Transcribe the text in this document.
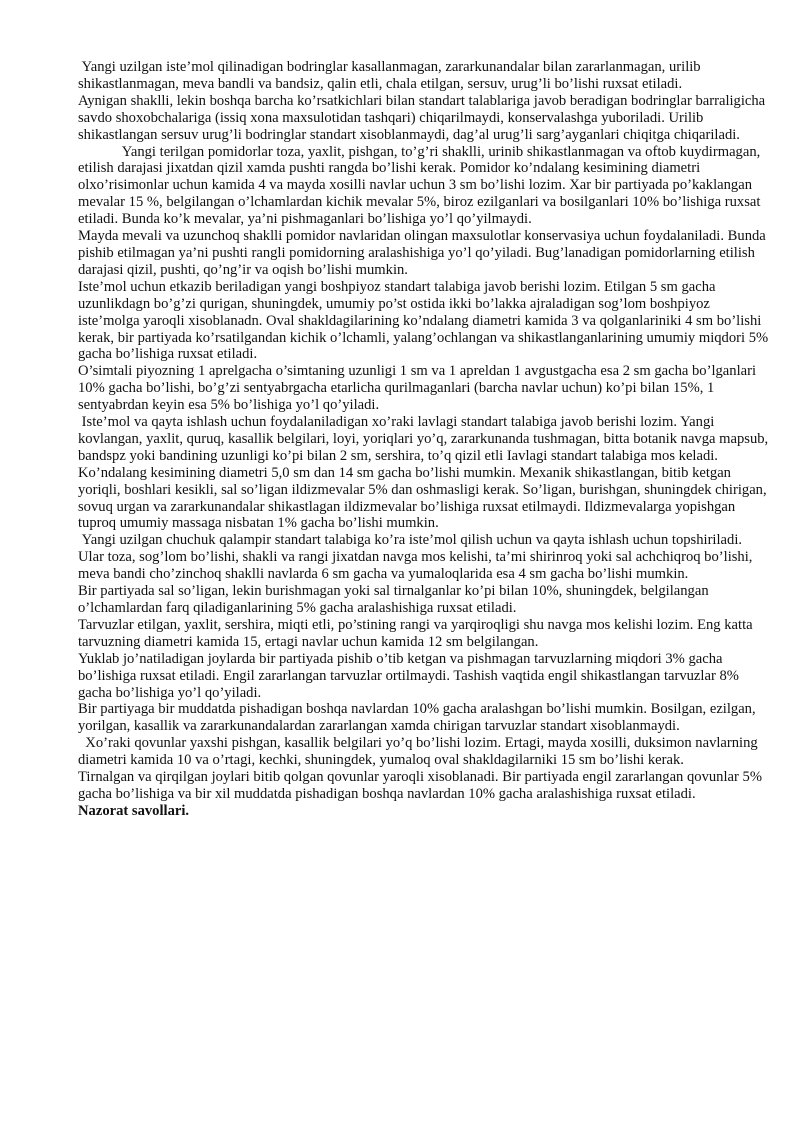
Yangi uzilgan iste’mol qilinadigan bodringlar kasallanmagan, zararkunandalar bilan zararlanmagan, urilib shikastlanmagan, meva bandli va bandsiz, qalin etli, chala etilgan, sersuv, urug’li bo’lishi ruxsat etiladi.

Aynigan shaklli, lekin boshqa barcha ko’rsatkichlari bilan standart talablariga javob beradigan bodringlar barraligicha savdo shoxobchalariga (issiq xona maxsulotidan tashqari) chiqarilmaydi, konservalashga yuboriladi. Urilib shikastlangan sersuv urug’li bodringlar standart xisoblanmaydi, dag’al urug’li sarg’ayganlari chiqitga chiqariladi.

Yangi terilgan pomidorlar toza, yaxlit, pishgan, to’g’ri shaklli, urinib shikastlanmagan va oftob kuydirmagan, etilish darajasi jixatdan qizil xamda pushti rangda bo’lishi kerak. Pomidor ko’ndalang kesimining diametri olxo’risimonlar uchun kamida 4 va mayda xosilli navlar uchun 3 sm bo’lishi lozim. Xar bir partiyada po’kaklangan mevalar 15 %, belgilangan o’lchamlardan kichik mevalar 5%, biroz ezilganlari va bosilganlari 10% bo’lishiga ruxsat etiladi. Bunda ko’k mevalar, ya’ni pishmaganlari bo’lishiga yo’l qo’yilmaydi.

Mayda mevali va uzunchoq shaklli pomidor navlaridan olingan maxsulotlar konservasiya uchun foydalaniladi. Bunda pishib etilmagan ya’ni pushti rangli pomidorning aralashishiga yo’l qo’yiladi. Bug’lanadigan pomidorlarning etilish darajasi qizil, pushti, qo’ng’ir va oqish bo’lishi mumkin.

Iste’mol uchun etkazib beriladigan yangi boshpiyoz standart talabiga javob berishi lozim. Etilgan 5 sm gacha uzunlikdagn bo’g’zi qurigan, shuningdek, umumiy po’st ostida ikki bo’lakka ajraladigan sog’lom boshpiyoz iste’molga yaroqli xisoblanadn. Oval shakldagilarining ko’ndalang diametri kamida 3 va qolganlariniki 4 sm bo’lishi kerak, bir partiyada ko’rsatilgandan kichik o’lchamli, yalang’ochlangan va shikastlanganlarining umumiy miqdori 5% gacha bo’lishiga ruxsat etiladi.

O’simtali piyozning 1 aprelgacha o’simtaning uzunligi 1 sm va 1 apreldan 1 avgustgacha esa 2 sm gacha bo’lganlari 10% gacha bo’lishi, bo’g’zi sentyabrgacha etarlicha qurilmaganlari (barcha navlar uchun) ko’pi bilan 15%, 1 sentyabrdan keyin esa 5% bo’lishiga yo’l qo’yiladi.

Iste’mol va qayta ishlash uchun foydalaniladigan xo’raki lavlagi standart talabiga javob berishi lozim. Yangi kovlangan, yaxlit, quruq, kasallik belgilari, loyi, yoriqlari yo’q, zararkunanda tushmagan, bitta botanik navga mapsub, bandspz yoki bandining uzunligi ko’pi bilan 2 sm, sershira, to’q qizil etli Iavlagi standart talabiga mos keladi.

Ko’ndalang kesimining diametri 5,0 sm dan 14 sm gacha bo’lishi mumkin. Mexanik shikastlangan, bitib ketgan yoriqli, boshlari kesikli, sal so’ligan ildizmevalar 5% dan oshmasligi kerak. So’ligan, burishgan, shuningdek chirigan, sovuq urgan va zararkunandalar shikastlagan ildizmevalar bo’lishiga ruxsat etilmaydi. Ildizmevalarga yopishgan tuproq umumiy massaga nisbatan 1% gacha bo’lishi mumkin.

Yangi uzilgan chuchuk qalampir standart talabiga ko’ra iste’mol qilish uchun va qayta ishlash uchun topshiriladi. Ular toza, sog’lom bo’lishi, shakli va rangi jixatdan navga mos kelishi, ta’mi shirinroq yoki sal achchiqroq bo’lishi, meva bandi cho’zinchoq shaklli navlarda 6 sm gacha va yumaloqlarida esa 4 sm gacha bo’lishi mumkin.

Bir partiyada sal so’ligan, lekin burishmagan yoki sal tirnalganlar ko’pi bilan 10%, shuningdek, belgilangan o’lchamlardan farq qiladiganlarining 5% gacha aralashishiga ruxsat etiladi.

Tarvuzlar etilgan, yaxlit, sershira, miqti etli, po’stining rangi va yarqiroqligi shu navga mos kelishi lozim. Eng katta tarvuzning diametri kamida 15, ertagi navlar uchun kamida 12 sm belgilangan.

Yuklab jo’natiladigan joylarda bir partiyada pishib o’tib ketgan va pishmagan tarvuzlarning miqdori 3% gacha bo’lishiga ruxsat etiladi. Engil zararlangan tarvuzlar ortilmaydi. Tashish vaqtida engil shikastlangan tarvuzlar 8% gacha bo’lishiga yo’l qo’yiladi.

Bir partiyaga bir muddatda pishadigan boshqa navlardan 10% gacha aralashgan bo’lishi mumkin. Bosilgan, ezilgan, yorilgan, kasallik va zararkunandalardan zararlangan xamda chirigan tarvuzlar standart xisoblanmaydi.

Xo’raki qovunlar yaxshi pishgan, kasallik belgilari yo’q bo’lishi lozim. Ertagi, mayda xosilli, duksimon navlarning diametri kamida 10 va o’rtagi, kechki, shuningdek, yumaloq oval shakldagilarniki 15 sm bo’lishi kerak.

Tirnalgan va qirqilgan joylari bitib qolgan qovunlar yaroqli xisoblanadi. Bir partiyada engil zararlangan qovunlar 5% gacha bo’lishiga va bir xil muddatda pishadigan boshqa navlardan 10% gacha aralashishiga ruxsat etiladi.

Nazorat savollari.
